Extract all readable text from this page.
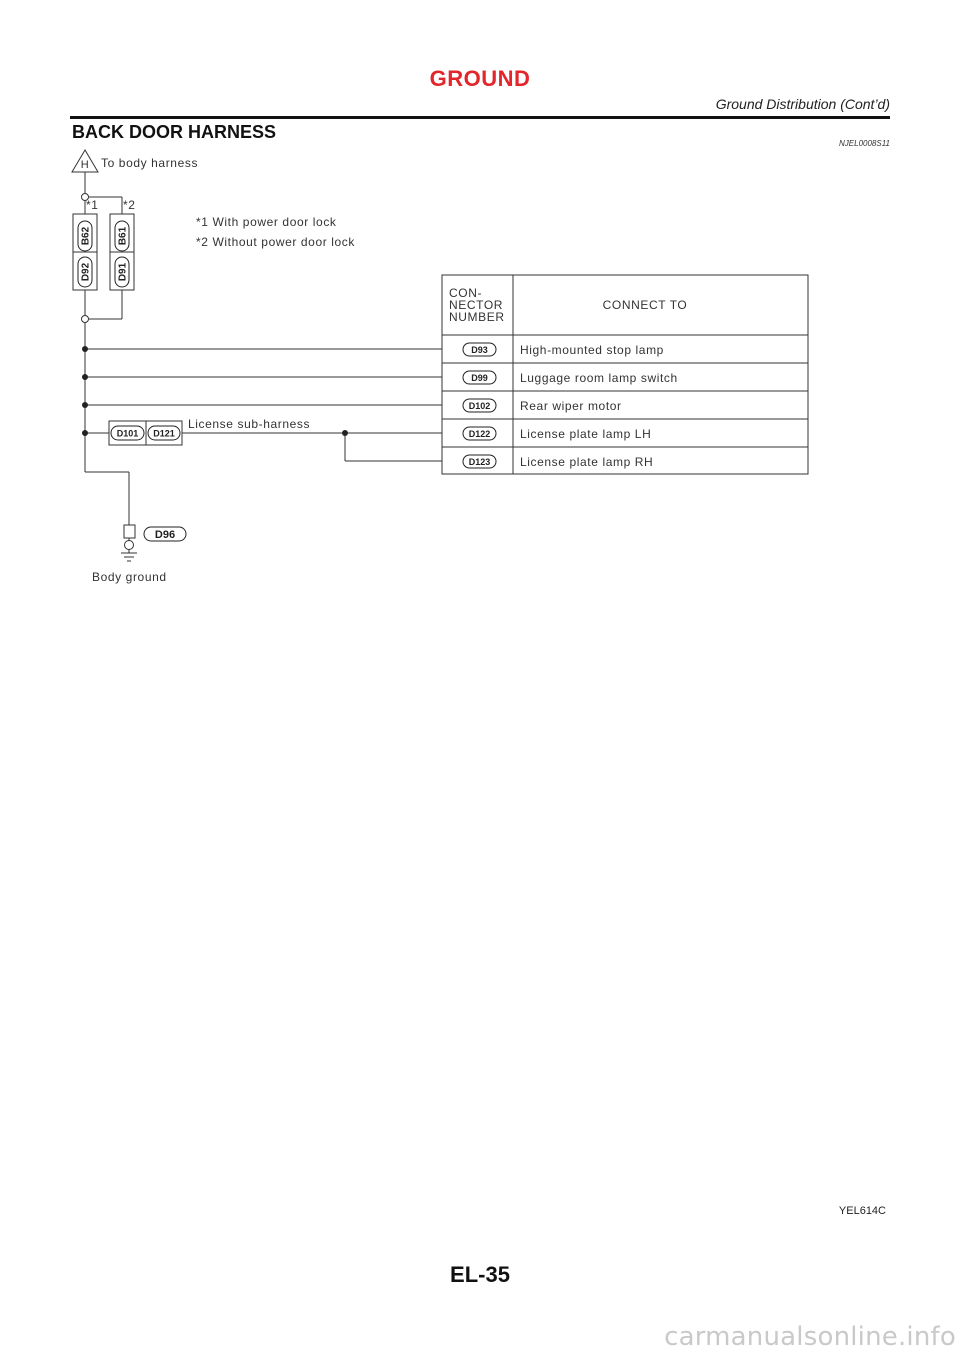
GROUND
Ground Distribution (Cont’d)
BACK DOOR HARNESS
NJEL0008S11
B62
D92
B61
D91
D101 D121
D96
D93
D99
D102
D122
D123
H To body harness
*1 *2
*1 With power door lock
*2 Without power door lock
License sub-harness
Body ground
CON-
NECTOR
NUMBER
CONNECT TO
High-mounted stop lamp
Luggage room lamp switch
Rear wiper motor
License plate lamp LH
License plate lamp RH
YEL614C
EL-35
carmanualsonline.info
